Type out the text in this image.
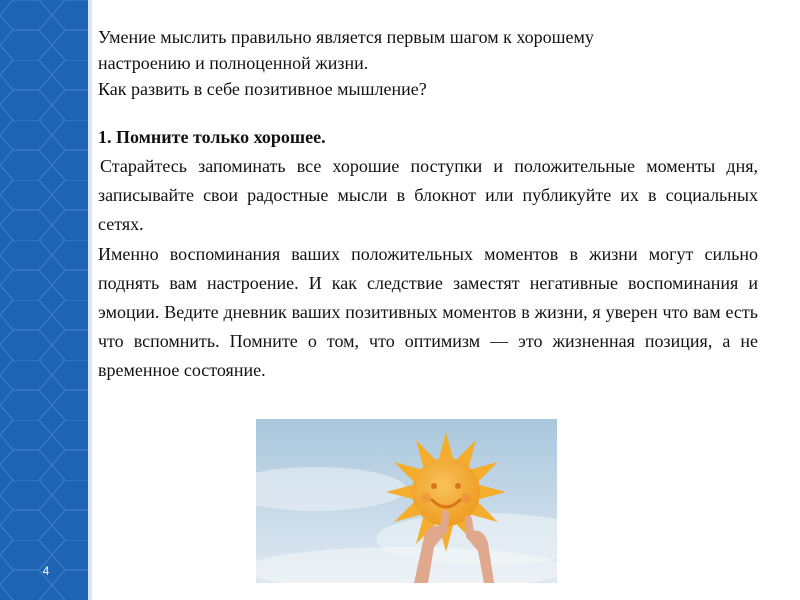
4

Умение мыслить правильно является первым шагом к хорошему

настроению и полноценной жизни.

Как развить в себе позитивное мышление?

1. Помните только хорошее.

Старайтесь запоминать все хорошие поступки и положительные моменты дня, записывайте свои радостные мысли в блокнот или публикуйте их в социальных сетях.

Именно воспоминания ваших положительных моментов в жизни могут сильно поднять вам настроение. И как следствие заместят негативные воспоминания и эмоции. Ведите дневник ваших позитивных моментов в жизни, я уверен что вам есть что вспомнить. Помните о том, что оптимизм — это жизненная позиция, а не временное состояние.
